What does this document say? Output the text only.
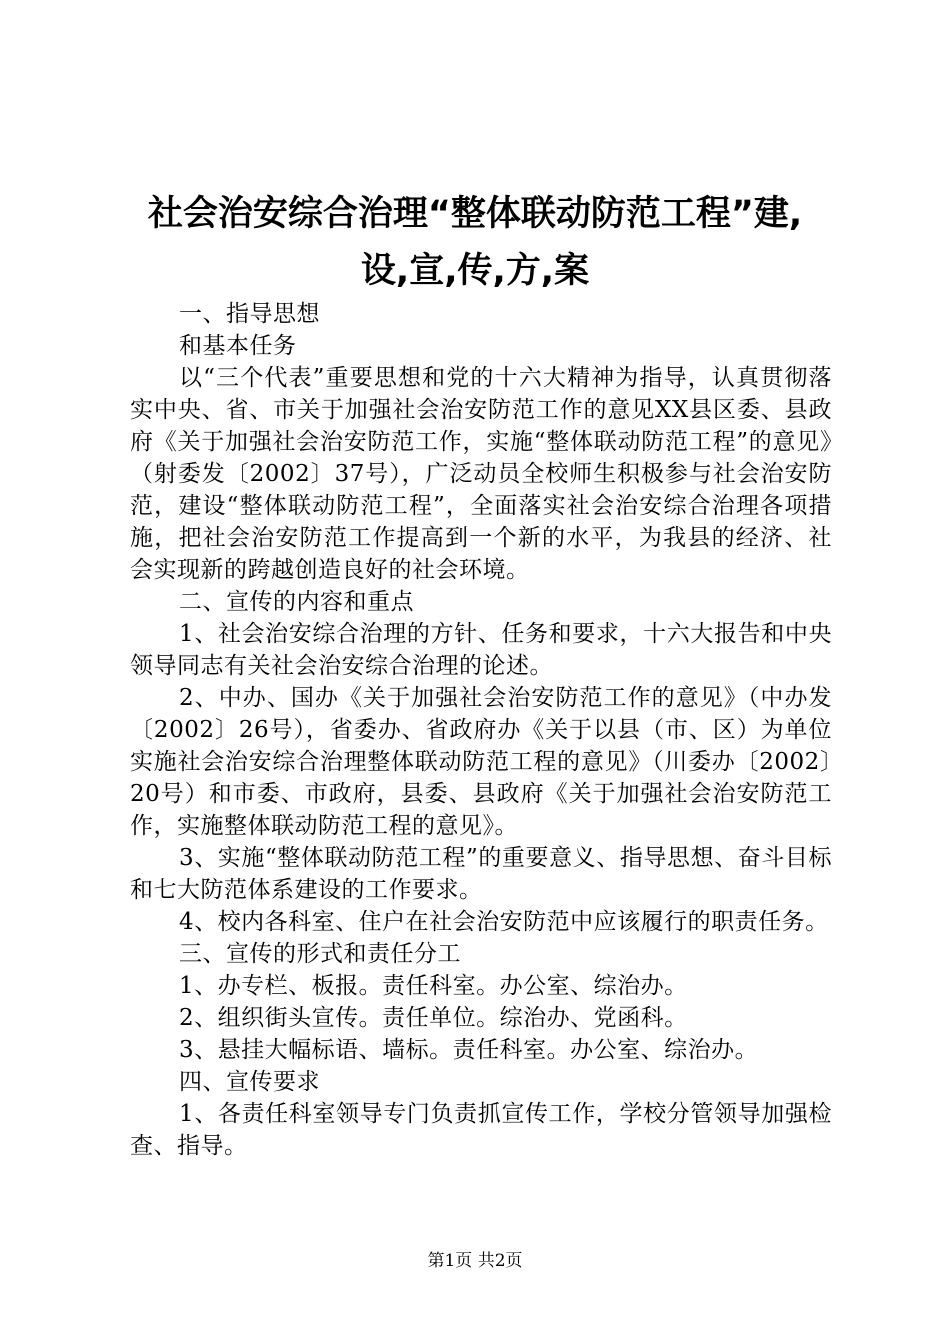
社会治安综合治理“整体联动防范工程”建,
设,宣,传,方,案

一、指导思想

和基本任务

以“三个代表”重要思想和党的十六大精神为指导，认真贯彻落实中央、省、市关于加强社会治安防范工作的意见XX县区委、县政府《关于加强社会治安防范工作，实施“整体联动防范工程”的意见》（射委发〔2002〕37号），广泛动员全校师生积极参与社会治安防范，建设“整体联动防范工程”，全面落实社会治安综合治理各项措施，把社会治安防范工作提高到一个新的水平，为我县的经济、社会实现新的跨越创造良好的社会环境。

二、宣传的内容和重点

1、社会治安综合治理的方针、任务和要求，十六大报告和中央领导同志有关社会治安综合治理的论述。

2、中办、国办《关于加强社会治安防范工作的意见》（中办发〔2002〕26号），省委办、省政府办《关于以县（市、区）为单位实施社会治安综合治理整体联动防范工程的意见》（川委办〔2002〕20号）和市委、市政府，县委、县政府《关于加强社会治安防范工作，实施整体联动防范工程的意见》。

3、实施“整体联动防范工程”的重要意义、指导思想、奋斗目标和七大防范体系建设的工作要求。

4、校内各科室、住户在社会治安防范中应该履行的职责任务。

三、宣传的形式和责任分工

1、办专栏、板报。责任科室。办公室、综治办。

2、组织街头宣传。责任单位。综治办、党函科。

3、悬挂大幅标语、墙标。责任科室。办公室、综治办。

四、宣传要求

1、各责任科室领导专门负责抓宣传工作，学校分管领导加强检查、指导。

第1页 共2页
